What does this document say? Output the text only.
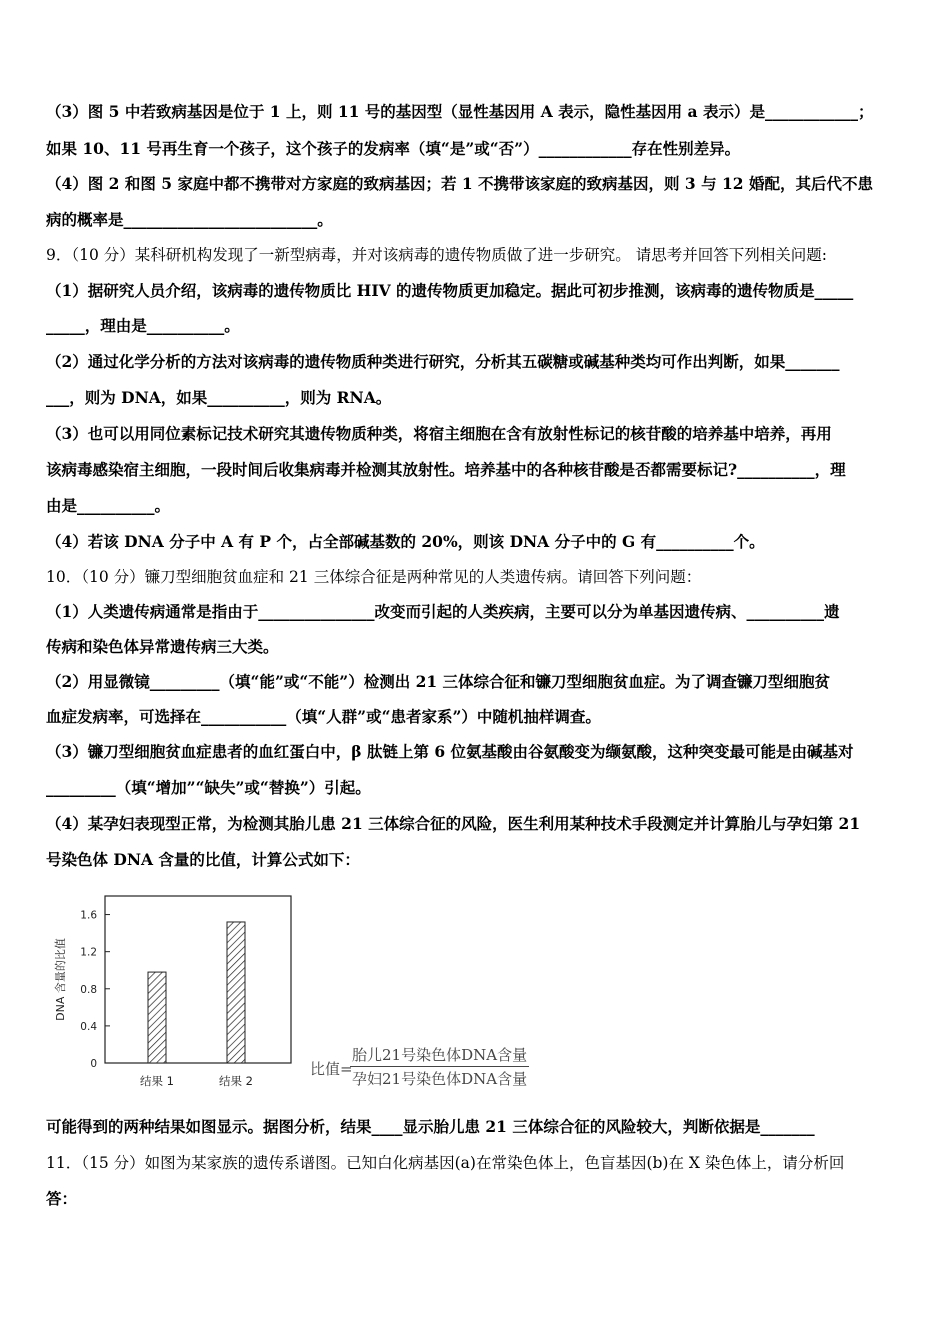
（3）图 5 中若致病基因是位于 1 上，则 11 号的基因型（显性基因用 A 表示，隐性基因用 a 表示）是____________；
如果 10、11 号再生育一个孩子，这个孩子的发病率（填“是”或“否”）____________存在性别差异。
（4）图 2 和图 5 家庭中都不携带对方家庭的致病基因；若 1 不携带该家庭的致病基因，则 3 与 12 婚配，其后代不患
病的概率是_________________________。
9．（10 分）某科研机构发现了一新型病毒，并对该病毒的遗传物质做了进一步研究。 请思考并回答下列相关问题:
（1）据研究人员介绍，该病毒的遗传物质比 HIV 的遗传物质更加稳定。据此可初步推测，该病毒的遗传物质是_____
_____，理由是__________。
（2）通过化学分析的方法对该病毒的遗传物质种类进行研究，分析其五碳糖或碱基种类均可作出判断，如果_______
___，则为 DNA，如果__________，则为 RNA。
（3）也可以用同位素标记技术研究其遗传物质种类，将宿主细胞在含有放射性标记的核苷酸的培养基中培养，再用
该病毒感染宿主细胞，一段时间后收集病毒并检测其放射性。培养基中的各种核苷酸是否都需要标记?__________，理
由是__________。
（4）若该 DNA 分子中 A 有 P 个，占全部碱基数的 20%，则该 DNA 分子中的 G 有__________个。
10．（10 分）镰刀型细胞贫血症和 21 三体综合征是两种常见的人类遗传病。请回答下列问题：
（1）人类遗传病通常是指由于_______________改变而引起的人类疾病，主要可以分为单基因遗传病、__________遗
传病和染色体异常遗传病三大类。
（2）用显微镜_________（填“能”或“不能”）检测出 21 三体综合征和镰刀型细胞贫血症。为了调查镰刀型细胞贫
血症发病率，可选择在___________（填“人群”或“患者家系”）中随机抽样调查。
（3）镰刀型细胞贫血症患者的血红蛋白中，β 肽链上第 6 位氨基酸由谷氨酸变为缬氨酸，这种突变最可能是由碱基对
_________（填“增加”“缺失”或“替换”）引起。
（4）某孕妇表现型正常，为检测其胎儿患 21 三体综合征的风险，医生利用某种技术手段测定并计算胎儿与孕妇第 21
号染色体 DNA 含量的比值，计算公式如下：
0
0.4
0.8
1.2
1.6
DNA 含量的比值
结果 1	结果 2
比值=
胎儿21号染色体DNA含量
孕妇21号染色体DNA含量
可能得到的两种结果如图显示。据图分析，结果____显示胎儿患 21 三体综合征的风险较大，判断依据是_______
11．（15 分）如图为某家族的遗传系谱图。已知白化病基因(a)在常染色体上，色盲基因(b)在 X 染色体上，请分析回
答：
